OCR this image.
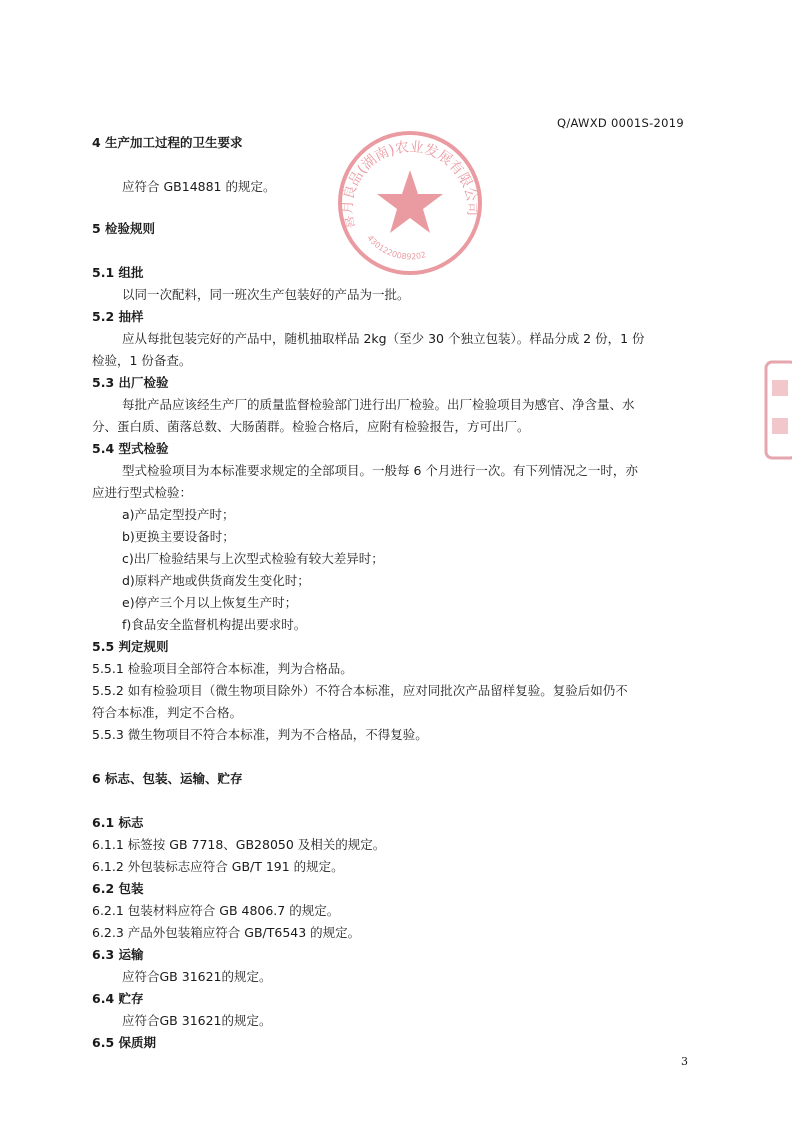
Q/AWXD 0001S-2019
4 生产加工过程的卫生要求
应符合 GB14881 的规定。
5 检验规则
5.1 组批
以同一次配料，同一班次生产包装好的产品为一批。
5.2 抽样
应从每批包装完好的产品中，随机抽取样品 2kg（至少 30 个独立包装）。样品分成 2 份，1 份
检验，1 份备查。
5.3 出厂检验
每批产品应该经生产厂的质量监督检验部门进行出厂检验。出厂检验项目为感官、净含量、水
分、蛋白质、菌落总数、大肠菌群。检验合格后，应附有检验报告，方可出厂。
5.4 型式检验
型式检验项目为本标准要求规定的全部项目。一般每 6 个月进行一次。有下列情况之一时，亦
应进行型式检验：
a)产品定型投产时；
b)更换主要设备时；
c)出厂检验结果与上次型式检验有较大差异时；
d)原料产地或供货商发生变化时；
e)停产三个月以上恢复生产时；
f)食品安全监督机构提出要求时。
5.5 判定规则
5.5.1 检验项目全部符合本标准，判为合格品。
5.5.2 如有检验项目（微生物项目除外）不符合本标准，应对同批次产品留样复验。复验后如仍不
符合本标准，判定不合格。
5.5.3 微生物项目不符合本标准，判为不合格品，不得复验。
6 标志、包装、运输、贮存
6.1 标志
6.1.1 标签按 GB 7718、GB28050 及相关的规定。
6.1.2 外包装标志应符合 GB/T 191 的规定。
6.2 包装
6.2.1 包装材料应符合 GB 4806.7 的规定。
6.2.3 产品外包装箱应符合 GB/T6543 的规定。
6.3 运输
应符合GB 31621的规定。
6.4 贮存
应符合GB 31621的规定。
6.5 保质期
3
喜月良品(湖南)农业发展有限公司
4301220089202
